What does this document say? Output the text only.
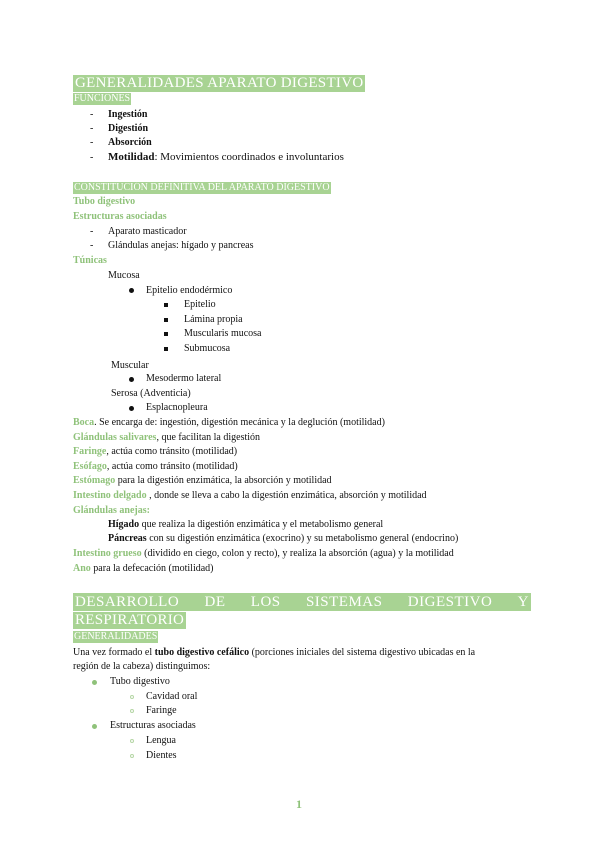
GENERALIDADES APARATO DIGESTIVO
FUNCIONES
- Ingestión
- Digestión
- Absorción
- Motilidad: Movimientos coordinados e involuntarios
CONSTITUCIÓN DEFINITIVA DEL APARATO DIGESTIVO
Tubo digestivo
Estructuras asociadas
- Aparato masticador
- Glándulas anejas: hígado y pancreas
Túnicas
Mucosa
Epitelio endodérmico
Epitelio
Lámina propia
Muscularis mucosa
Submucosa
Muscular
Mesodermo lateral
Serosa (Adventicia)
Esplacnopleura
Boca. Se encarga de: ingestión, digestión mecánica y la deglución (motilidad)
Glándulas salivares, que facilitan la digestión
Faringe, actúa como tránsito (motilidad)
Esófago, actúa como tránsito (motilidad)
Estómago para la digestión enzimática, la absorción y motilidad
Intestino delgado , donde se lleva a cabo la digestión enzimática, absorción y motilidad
Glándulas anejas:
Hígado que realiza la digestión enzimática y el metabolismo general
Páncreas con su digestión enzimática (exocrino) y su metabolismo general (endocrino)
Intestino grueso (dividido en ciego, colon y recto), y realiza la absorción (agua) y la motilidad
Ano para la defecación (motilidad)
DESARROLLO DE LOS SISTEMAS DIGESTIVO Y
RESPIRATORIO
GENERALIDADES
Una vez formado el tubo digestivo cefálico (porciones iniciales del sistema digestivo ubicadas en la
región de la cabeza) distinguimos:
Tubo digestivo
Cavidad oral
Faringe
Estructuras asociadas
Lengua
Dientes
1
